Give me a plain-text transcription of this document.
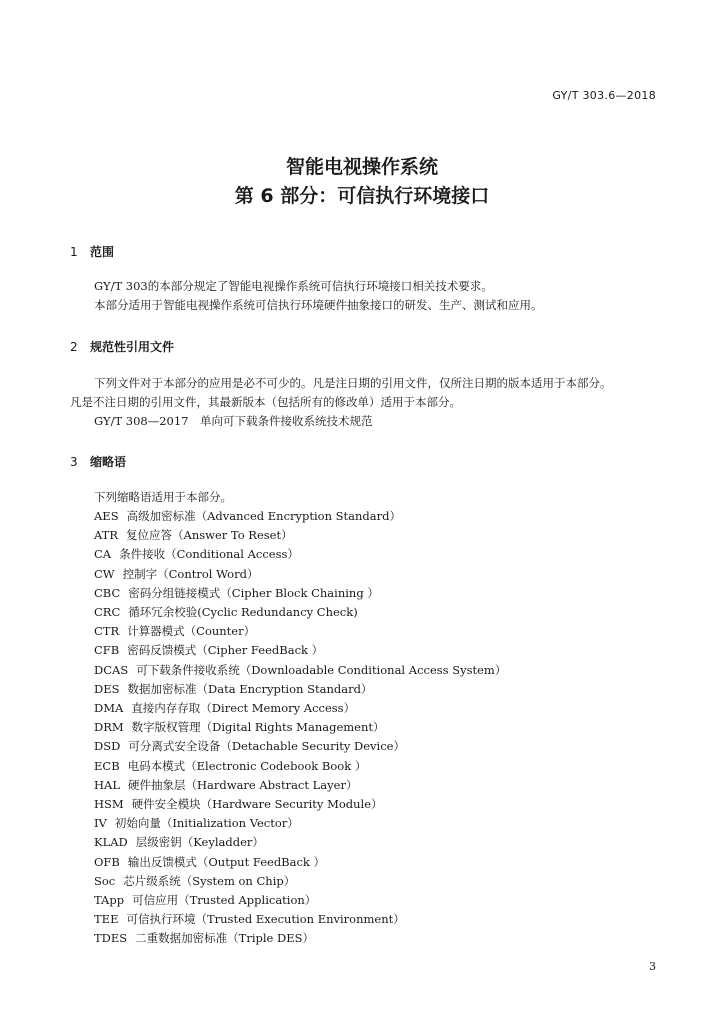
GY/T 303.6—2018
智能电视操作系统
第 6 部分：可信执行环境接口
1 范围
GY/T 303的本部分规定了智能电视操作系统可信执行环境接口相关技术要求。
本部分适用于智能电视操作系统可信执行环境硬件抽象接口的研发、生产、测试和应用。
2 规范性引用文件
下列文件对于本部分的应用是必不可少的。凡是注日期的引用文件，仅所注日期的版本适用于本部分。
凡是不注日期的引用文件，其最新版本（包括所有的修改单）适用于本部分。
GY/T 308—2017　单向可下载条件接收系统技术规范
3 缩略语
下列缩略语适用于本部分。
AES 高级加密标准（Advanced Encryption Standard）
ATR 复位应答（Answer To Reset）
CA 条件接收（Conditional Access）
CW 控制字（Control Word）
CBC 密码分组链接模式（Cipher Block Chaining ）
CRC 循环冗余校验(Cyclic Redundancy Check)
CTR 计算器模式（Counter）
CFB 密码反馈模式（Cipher FeedBack ）
DCAS 可下载条件接收系统（Downloadable Conditional Access System）
DES 数据加密标准（Data Encryption Standard）
DMA 直接内存存取（Direct Memory Access）
DRM 数字版权管理（Digital Rights Management）
DSD 可分离式安全设备（Detachable Security Device）
ECB 电码本模式（Electronic Codebook Book ）
HAL 硬件抽象层（Hardware Abstract Layer）
HSM 硬件安全模块（Hardware Security Module）
IV 初始向量（Initialization Vector）
KLAD 层级密钥（Keyladder）
OFB 输出反馈模式（Output FeedBack ）
Soc 芯片级系统（System on Chip）
TApp 可信应用（Trusted Application）
TEE 可信执行环境（Trusted Execution Environment）
TDES 二重数据加密标准（Triple DES）
3
